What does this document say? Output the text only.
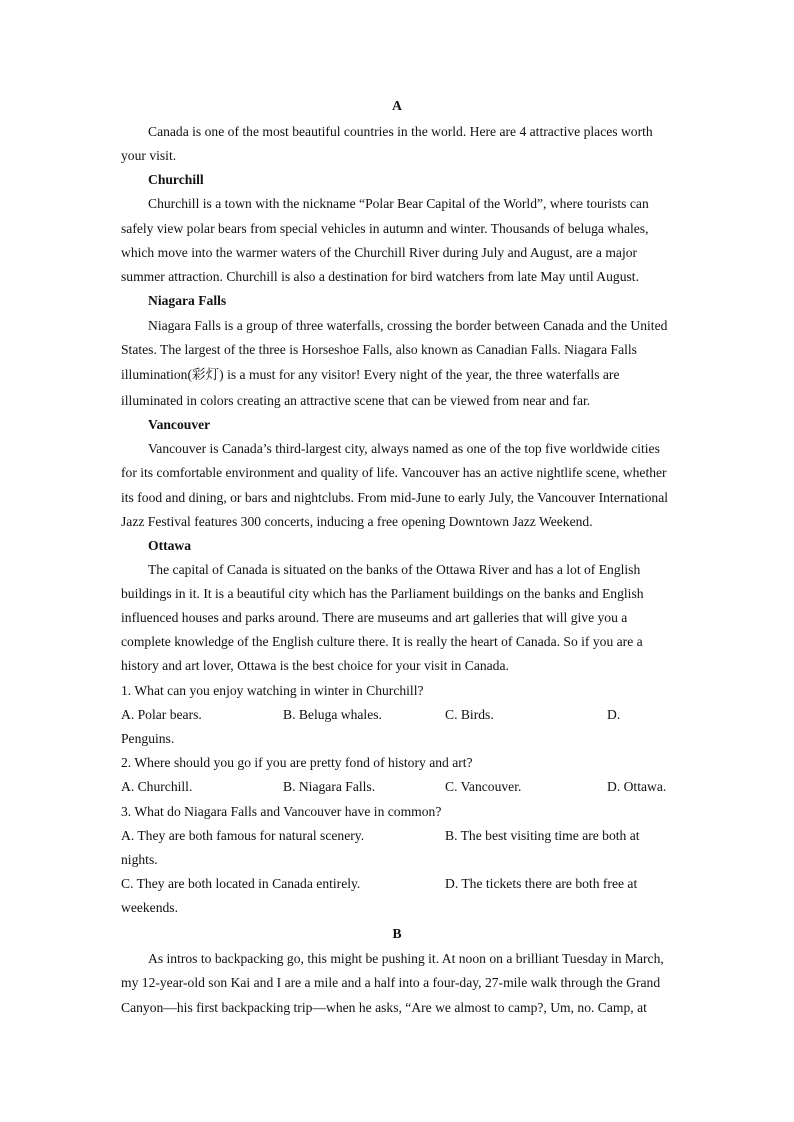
A
Canada is one of the most beautiful countries in the world. Here are 4 attractive places worth
your visit.
Churchill
Churchill is a town with the nickname “Polar Bear Capital of the World”, where tourists can
safely view polar bears from special vehicles in autumn and winter. Thousands of beluga whales,
which move into the warmer waters of the Churchill River during July and August, are a major
summer attraction. Churchill is also a destination for bird watchers from late May until August.
Niagara Falls
Niagara Falls is a group of three waterfalls, crossing the border between Canada and the United
States. The largest of the three is Horseshoe Falls, also known as Canadian Falls. Niagara Falls
illumination(彩灯) is a must for any visitor! Every night of the year, the three waterfalls are
illuminated in colors creating an attractive scene that can be viewed from near and far.
Vancouver
Vancouver is Canada’s third-largest city, always named as one of the top five worldwide cities
for its comfortable environment and quality of life. Vancouver has an active nightlife scene, whether
its food and dining, or bars and nightclubs. From mid-June to early July, the Vancouver International
Jazz Festival features 300 concerts, inducing a free opening Downtown Jazz Weekend.
Ottawa
The capital of Canada is situated on the banks of the Ottawa River and has a lot of English
buildings in it. It is a beautiful city which has the Parliament buildings on the banks and English
influenced houses and parks around. There are museums and art galleries that will give you a
complete knowledge of the English culture there. It is really the heart of Canada. So if you are a
history and art lover, Ottawa is the best choice for your visit in Canada.
1. What can you enjoy watching in winter in Churchill?
A. Polar bears.	B. Beluga whales.	C. Birds.	D.
Penguins.
2. Where should you go if you are pretty fond of history and art?
A. Churchill.	B. Niagara Falls.	C. Vancouver.	D. Ottawa.
3. What do Niagara Falls and Vancouver have in common?
A. They are both famous for natural scenery.	B. The best visiting time are both at
nights.
C. They are both located in Canada entirely.	D. The tickets there are both free at
weekends.
B
As intros to backpacking go, this might be pushing it. At noon on a brilliant Tuesday in March,
my 12-year-old son Kai and I are a mile and a half into a four-day, 27-mile walk through the Grand
Canyon—his first backpacking trip—when he asks, “Are we almost to camp?, Um, no. Camp, at
